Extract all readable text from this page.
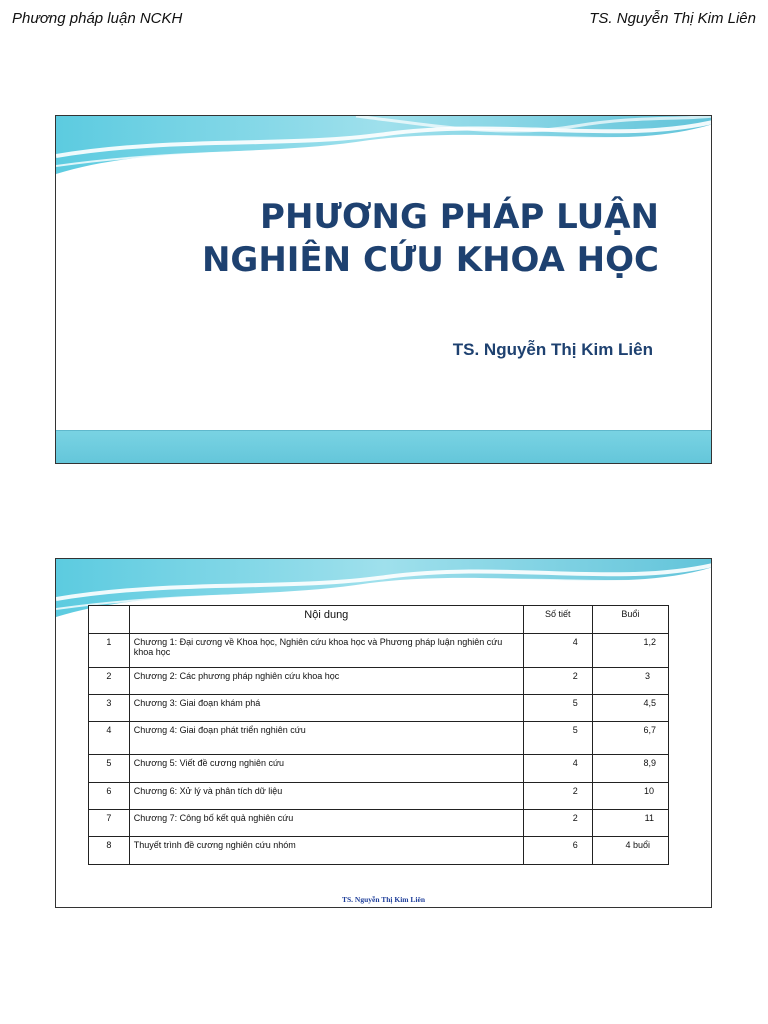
Phương pháp luận NCKH	TS. Nguyễn Thị Kim Liên
PHƯƠNG PHÁP LUẬN
NGHIÊN CỨU KHOA HỌC
TS. Nguyễn Thị Kim Liên
	Nội dung	Số tiết	Buổi
1	Chương 1: Đại cương về Khoa học, Nghiên cứu khoa học và Phương pháp luận nghiên cứu khoa học	4	1,2
2	Chương 2: Các phương pháp nghiên cứu khoa học	2	3
3	Chương 3: Giai đoạn khám phá	5	4,5
4	Chương 4: Giai đoạn phát triển nghiên cứu	5	6,7
5	Chương 5: Viết đề cương nghiên cứu	4	8,9
6	Chương 6: Xử lý và phân tích dữ liệu	2	10
7	Chương 7: Công bố kết quả nghiên cứu	2	11
8	Thuyết trình đề cương nghiên cứu nhóm	6	4 buổi
TS. Nguyễn Thị Kim Liên
